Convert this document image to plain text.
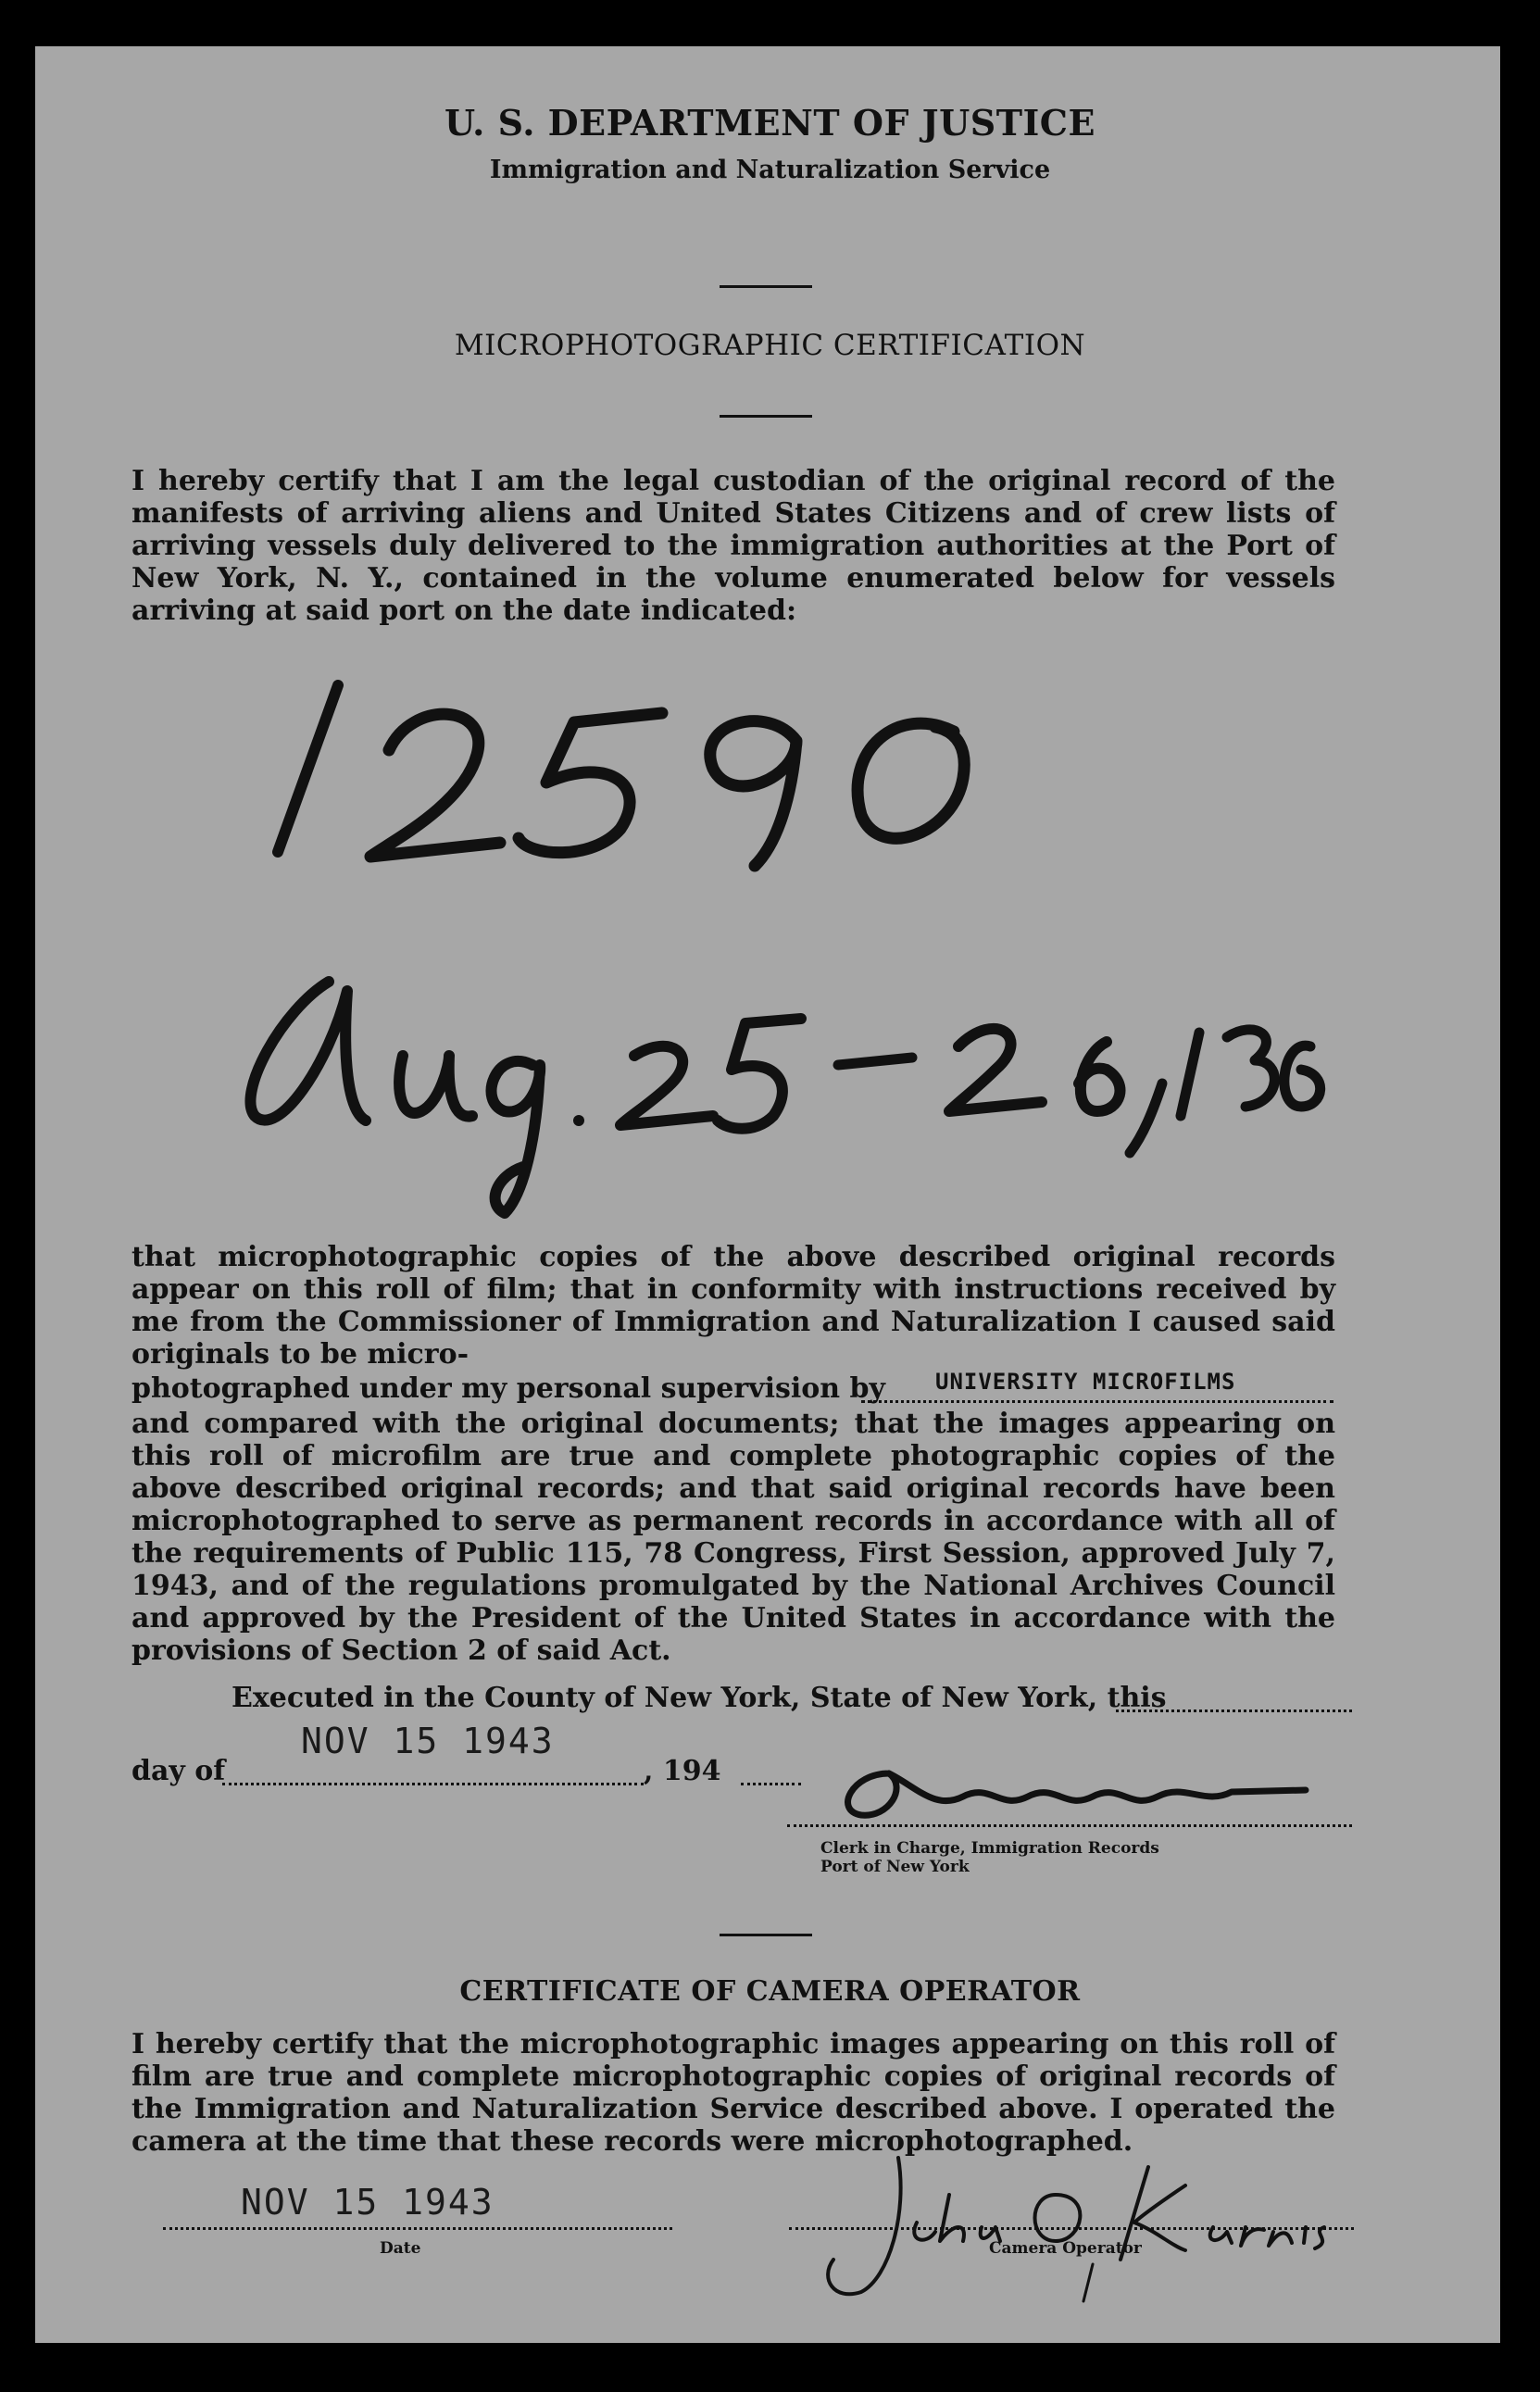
U. S. DEPARTMENT OF JUSTICE
Immigration and Naturalization Service
MICROPHOTOGRAPHIC CERTIFICATION
I hereby certify that I am the legal custodian of the original record of the manifests of arriving aliens and United States Citizens and of crew lists of arriving vessels duly delivered to the immigration authorities at the Port of New York, N. Y., contained in the volume enumerated below for vessels arriving at said port on the date indicated:
that microphotographic copies of the above described original records appear on this roll of film; that in conformity with instructions received by me from the Commissioner of Immigration and Naturalization I caused said originals to be micro-
photographed under my personal supervision by UNIVERSITY MICROFILMS
and compared with the original documents; that the images appearing on this roll of microfilm are true and complete photographic copies of the above described original records; and that said original records have been microphotographed to serve as permanent records in accordance with all of the requirements of Public 115, 78 Congress, First Session, approved July 7, 1943, and of the regulations promulgated by the National Archives Council and approved by the President of the United States in accordance with the provisions of Section 2 of said Act.
Executed in the County of New York, State of New York, this
day of
NOV 15 1943
, 194
Clerk in Charge, Immigration Records
Port of New York
CERTIFICATE OF CAMERA OPERATOR
I hereby certify that the microphotographic images appearing on this roll of film are true and complete microphotographic copies of original records of the Immigration and Naturalization Service described above. I operated the camera at the time that these records were microphotographed.
NOV 15 1943
Date	Camera Operator
